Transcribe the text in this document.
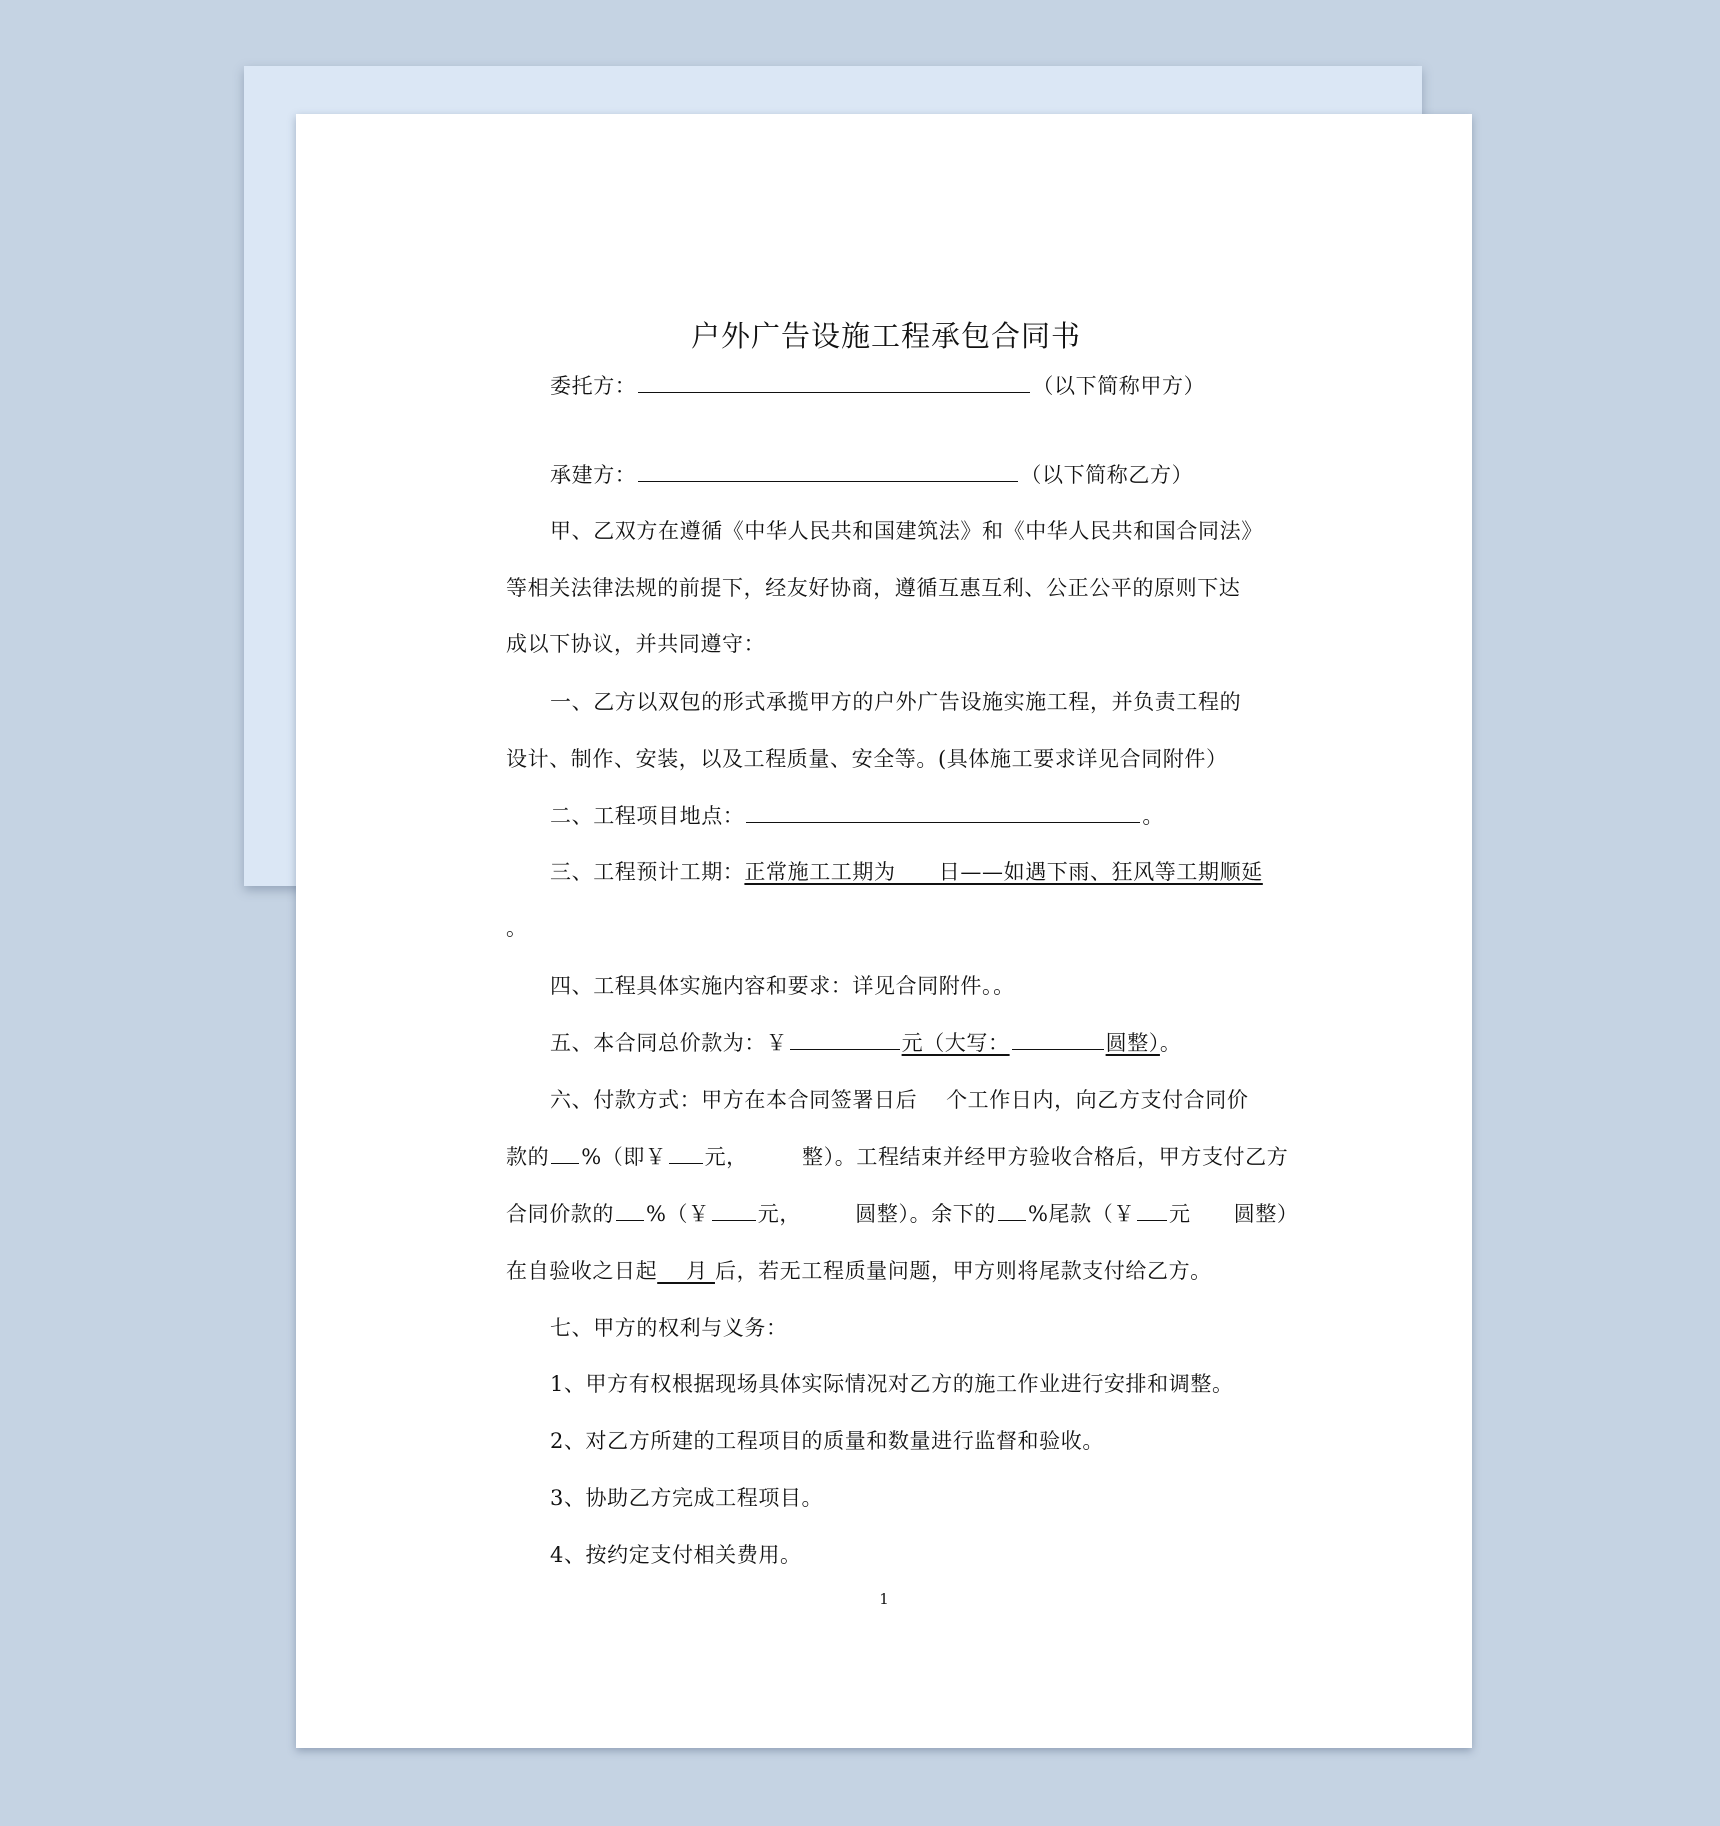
户外广告设施工程承包合同书
委托方：	（以下简称甲方）
承建方：	（以下简称乙方）
甲、乙双方在遵循《中华人民共和国建筑法》和《中华人民共和国合同法》
等相关法律法规的前提下，经友好协商，遵循互惠互利、公正公平的原则下达
成以下协议，并共同遵守：
一、乙方以双包的形式承揽甲方的户外广告设施实施工程，并负责工程的
设计、制作、安装，以及工程质量、安全等。(具体施工要求详见合同附件）
二、工程项目地点：	。
三、工程预计工期：正常施工工期为　　日——如遇下雨、狂风等工期顺延
。
四、工程具体实施内容和要求：详见合同附件。。
五、本合同总价款为：￥	元（大写：	圆整）。
六、付款方式：甲方在本合同签署日后　 个工作日内，向乙方支付合同价
款的 %（即￥ 元，　　　整）。工程结束并经甲方验收合格后，甲方支付乙方
合同价款的 %（￥ 元，　　　圆整）。余下的 %尾款（￥ 元　　圆整）
在自验收之日起　 月 后，若无工程质量问题，甲方则将尾款支付给乙方。
七、甲方的权利与义务：
1、甲方有权根据现场具体实际情况对乙方的施工作业进行安排和调整。
2、对乙方所建的工程项目的质量和数量进行监督和验收。
3、协助乙方完成工程项目。
4、按约定支付相关费用。
1
